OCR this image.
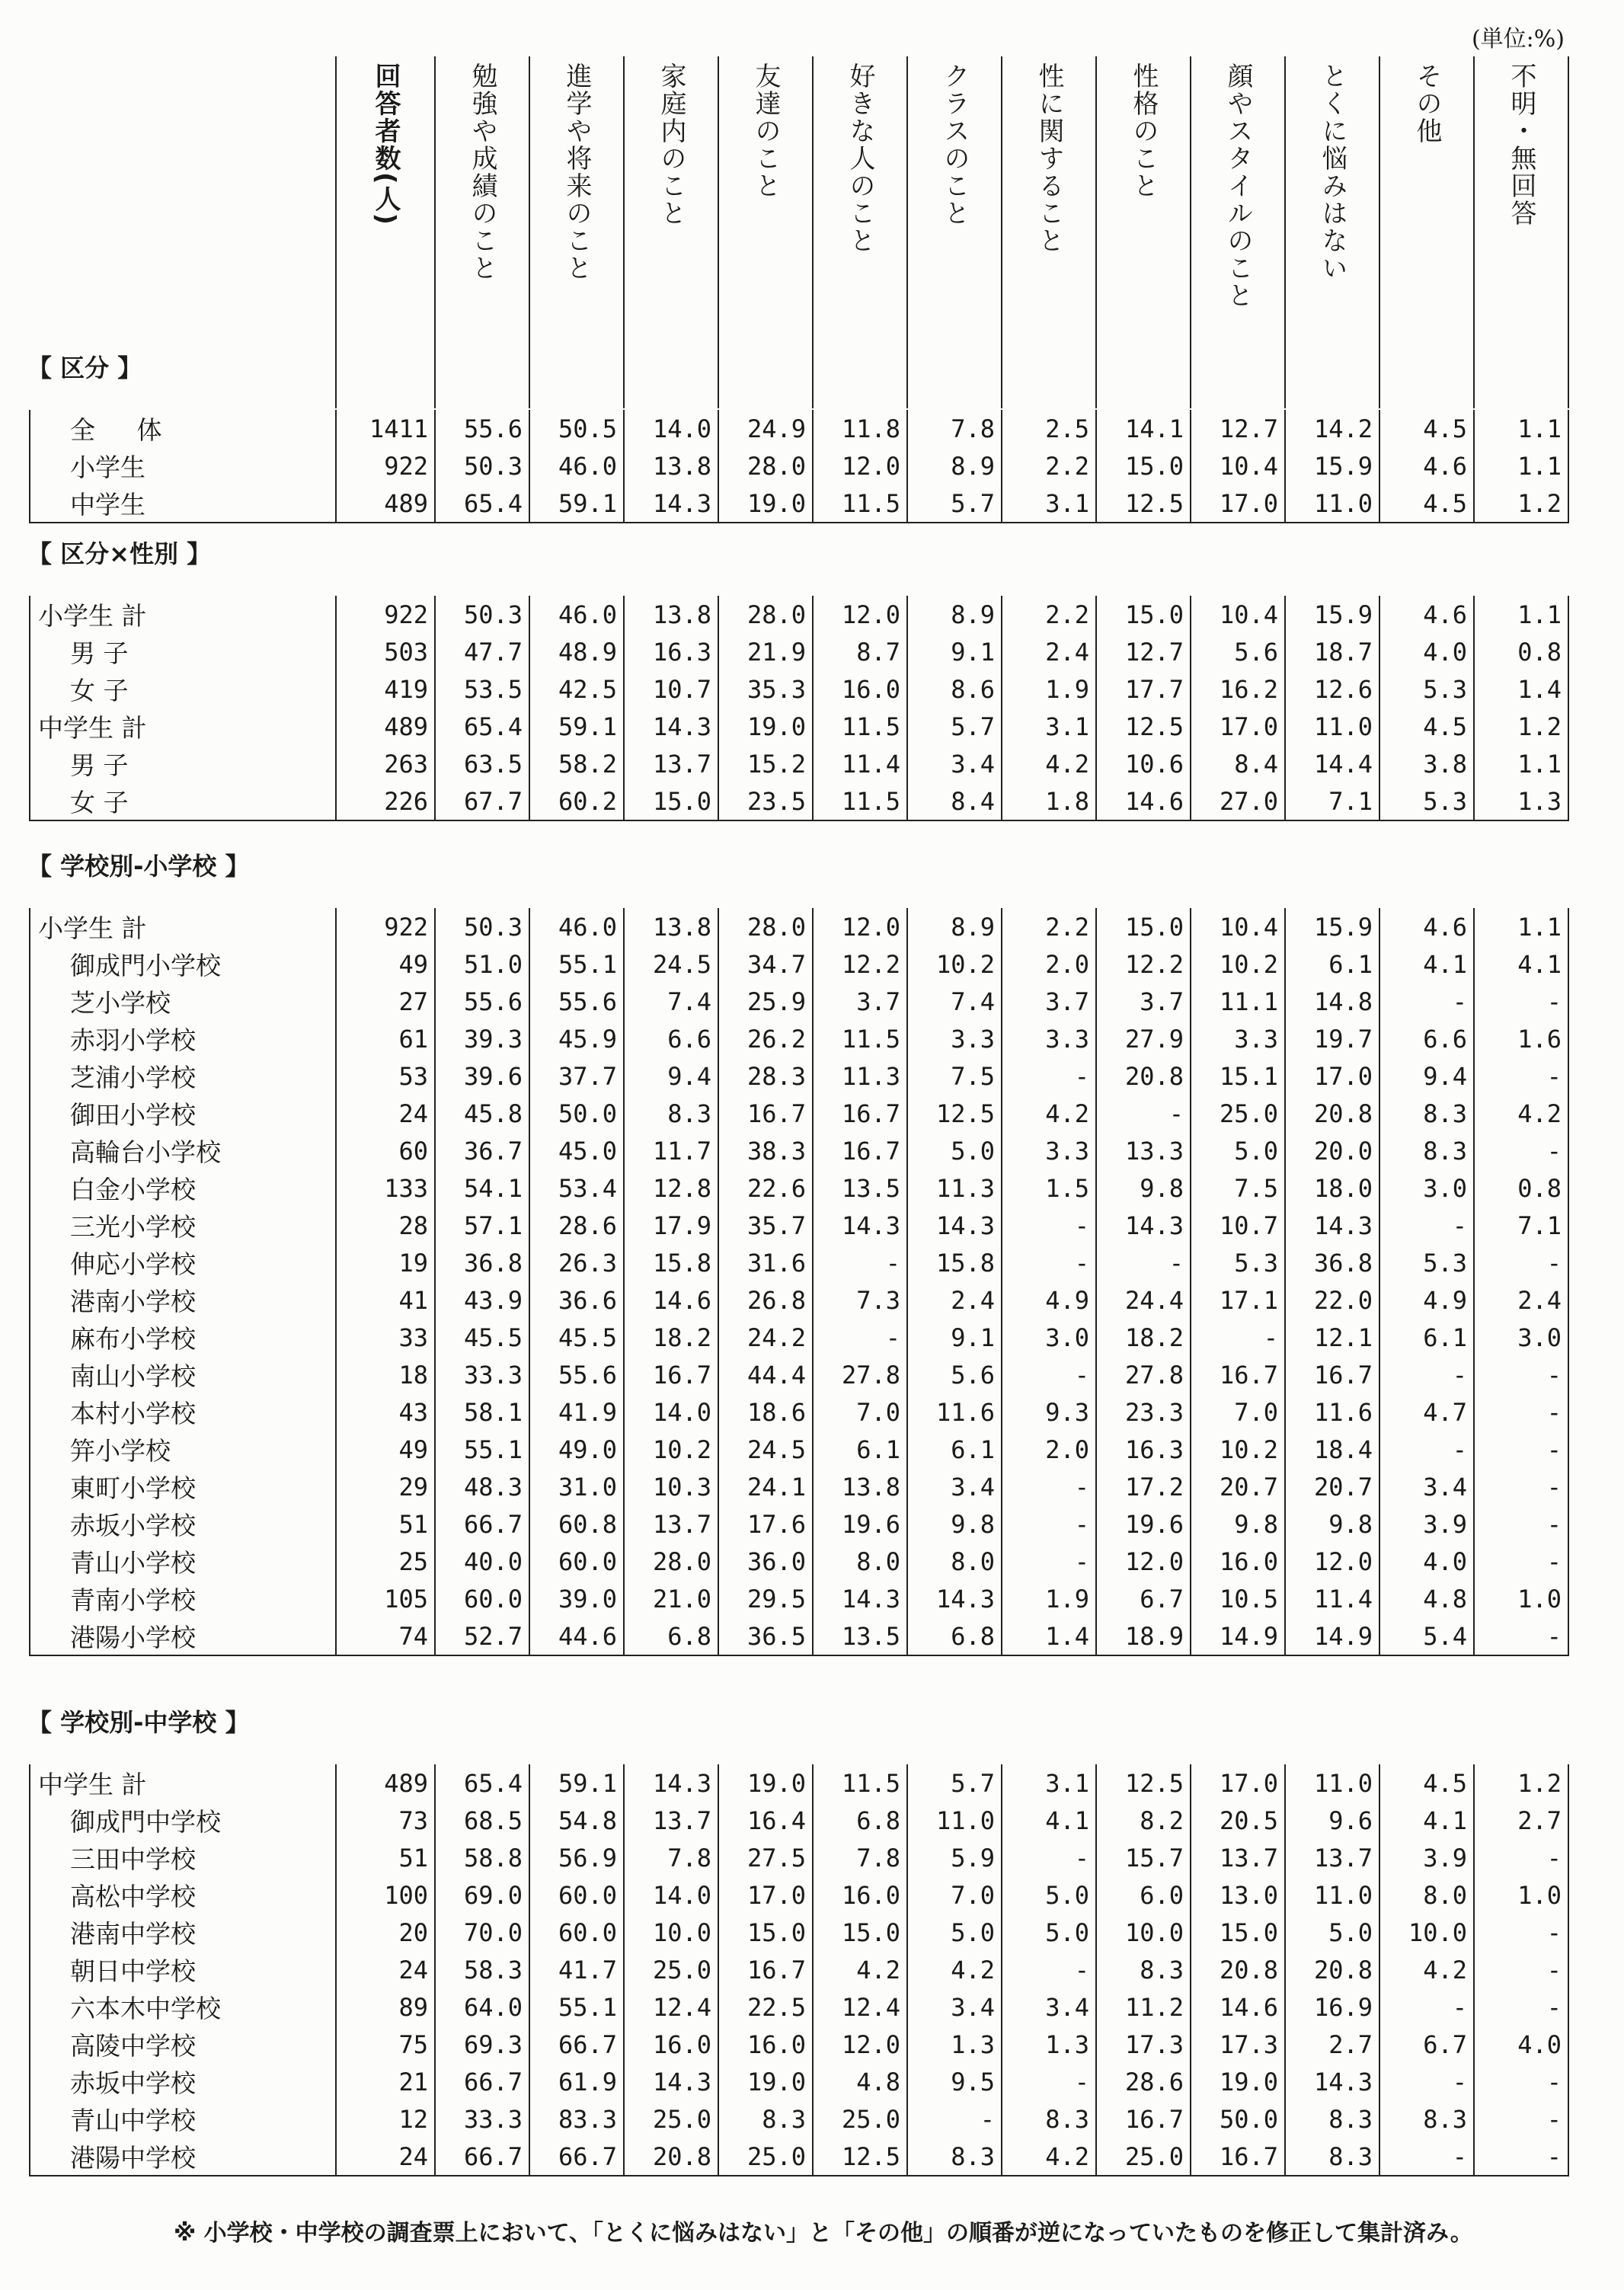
(単位:%)
回答者数(人)	勉強や成績のこと	進学や将来のこと	家庭内のこと	友達のこと	好きな人のこと	クラスのこと	性に関すること	性格のこと	顔やスタイルのこと	とくに悩みはない	その他	不明・無回答
【 区分 】
全 体	1411	55.6	50.5	14.0	24.9	11.8	7.8	2.5	14.1	12.7	14.2	4.5	1.1
小学生	922	50.3	46.0	13.8	28.0	12.0	8.9	2.2	15.0	10.4	15.9	4.6	1.1
中学生	489	65.4	59.1	14.3	19.0	11.5	5.7	3.1	12.5	17.0	11.0	4.5	1.2
【 区分×性別 】
小学生 計	922	50.3	46.0	13.8	28.0	12.0	8.9	2.2	15.0	10.4	15.9	4.6	1.1
男 子	503	47.7	48.9	16.3	21.9	8.7	9.1	2.4	12.7	5.6	18.7	4.0	0.8
女 子	419	53.5	42.5	10.7	35.3	16.0	8.6	1.9	17.7	16.2	12.6	5.3	1.4
中学生 計	489	65.4	59.1	14.3	19.0	11.5	5.7	3.1	12.5	17.0	11.0	4.5	1.2
男 子	263	63.5	58.2	13.7	15.2	11.4	3.4	4.2	10.6	8.4	14.4	3.8	1.1
女 子	226	67.7	60.2	15.0	23.5	11.5	8.4	1.8	14.6	27.0	7.1	5.3	1.3
【 学校別-小学校 】
小学生 計	922	50.3	46.0	13.8	28.0	12.0	8.9	2.2	15.0	10.4	15.9	4.6	1.1
御成門小学校	49	51.0	55.1	24.5	34.7	12.2	10.2	2.0	12.2	10.2	6.1	4.1	4.1
芝小学校	27	55.6	55.6	7.4	25.9	3.7	7.4	3.7	3.7	11.1	14.8	-	-
赤羽小学校	61	39.3	45.9	6.6	26.2	11.5	3.3	3.3	27.9	3.3	19.7	6.6	1.6
芝浦小学校	53	39.6	37.7	9.4	28.3	11.3	7.5	-	20.8	15.1	17.0	9.4	-
御田小学校	24	45.8	50.0	8.3	16.7	16.7	12.5	4.2	-	25.0	20.8	8.3	4.2
高輪台小学校	60	36.7	45.0	11.7	38.3	16.7	5.0	3.3	13.3	5.0	20.0	8.3	-
白金小学校	133	54.1	53.4	12.8	22.6	13.5	11.3	1.5	9.8	7.5	18.0	3.0	0.8
三光小学校	28	57.1	28.6	17.9	35.7	14.3	14.3	-	14.3	10.7	14.3	-	7.1
伸応小学校	19	36.8	26.3	15.8	31.6	-	15.8	-	-	5.3	36.8	5.3	-
港南小学校	41	43.9	36.6	14.6	26.8	7.3	2.4	4.9	24.4	17.1	22.0	4.9	2.4
麻布小学校	33	45.5	45.5	18.2	24.2	-	9.1	3.0	18.2	-	12.1	6.1	3.0
南山小学校	18	33.3	55.6	16.7	44.4	27.8	5.6	-	27.8	16.7	16.7	-	-
本村小学校	43	58.1	41.9	14.0	18.6	7.0	11.6	9.3	23.3	7.0	11.6	4.7	-
笄小学校	49	55.1	49.0	10.2	24.5	6.1	6.1	2.0	16.3	10.2	18.4	-	-
東町小学校	29	48.3	31.0	10.3	24.1	13.8	3.4	-	17.2	20.7	20.7	3.4	-
赤坂小学校	51	66.7	60.8	13.7	17.6	19.6	9.8	-	19.6	9.8	9.8	3.9	-
青山小学校	25	40.0	60.0	28.0	36.0	8.0	8.0	-	12.0	16.0	12.0	4.0	-
青南小学校	105	60.0	39.0	21.0	29.5	14.3	14.3	1.9	6.7	10.5	11.4	4.8	1.0
港陽小学校	74	52.7	44.6	6.8	36.5	13.5	6.8	1.4	18.9	14.9	14.9	5.4	-
【 学校別-中学校 】
中学生 計	489	65.4	59.1	14.3	19.0	11.5	5.7	3.1	12.5	17.0	11.0	4.5	1.2
御成門中学校	73	68.5	54.8	13.7	16.4	6.8	11.0	4.1	8.2	20.5	9.6	4.1	2.7
三田中学校	51	58.8	56.9	7.8	27.5	7.8	5.9	-	15.7	13.7	13.7	3.9	-
高松中学校	100	69.0	60.0	14.0	17.0	16.0	7.0	5.0	6.0	13.0	11.0	8.0	1.0
港南中学校	20	70.0	60.0	10.0	15.0	15.0	5.0	5.0	10.0	15.0	5.0	10.0	-
朝日中学校	24	58.3	41.7	25.0	16.7	4.2	4.2	-	8.3	20.8	20.8	4.2	-
六本木中学校	89	64.0	55.1	12.4	22.5	12.4	3.4	3.4	11.2	14.6	16.9	-	-
高陵中学校	75	69.3	66.7	16.0	16.0	12.0	1.3	1.3	17.3	17.3	2.7	6.7	4.0
赤坂中学校	21	66.7	61.9	14.3	19.0	4.8	9.5	-	28.6	19.0	14.3	-	-
青山中学校	12	33.3	83.3	25.0	8.3	25.0	-	8.3	16.7	50.0	8.3	8.3	-
港陽中学校	24	66.7	66.7	20.8	25.0	12.5	8.3	4.2	25.0	16.7	8.3	-	-
※ 小学校・中学校の調査票上において、「とくに悩みはない」と「その他」の順番が逆になっていたものを修正して集計済み。
